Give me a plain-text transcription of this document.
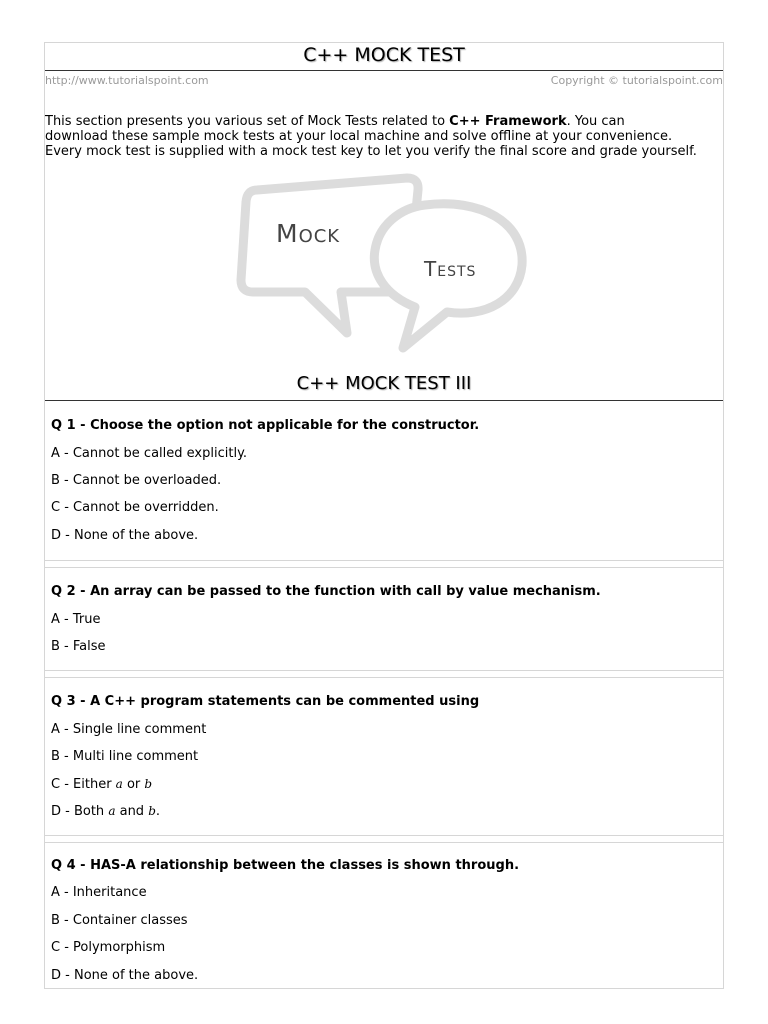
C++ MOCK TEST
http://www.tutorialspoint.com	Copyright © tutorialspoint.com
This section presents you various set of Mock Tests related to C++ Framework. You can
download these sample mock tests at your local machine and solve offline at your convenience.
Every mock test is supplied with a mock test key to let you verify the final score and grade yourself.
Mock
Tests
C++ MOCK TEST III
Q 1 - Choose the option not applicable for the constructor.
A - Cannot be called explicitly.
B - Cannot be overloaded.
C - Cannot be overridden.
D - None of the above.
Q 2 - An array can be passed to the function with call by value mechanism.
A - True
B - False
Q 3 - A C++ program statements can be commented using
A - Single line comment
B - Multi line comment
C - Either a or b
D - Both a and b.
Q 4 - HAS-A relationship between the classes is shown through.
A - Inheritance
B - Container classes
C - Polymorphism
D - None of the above.
